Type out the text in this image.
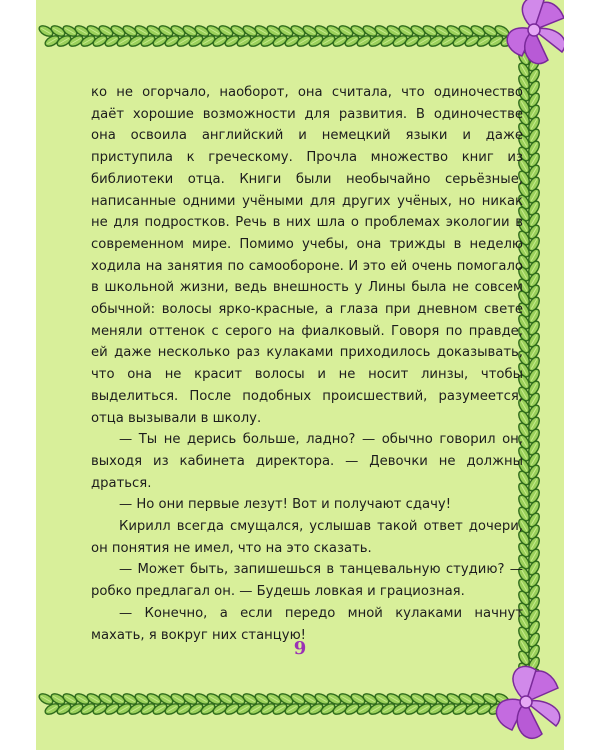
ко не огорчало, наоборот, она считала, что одиночество даёт хорошие возможности для развития. В одиночестве она освоила английский и немецкий языки и даже приступила к греческому. Прочла множество книг из библиотеки отца. Книги были необычайно серьёзные, написанные одними учёными для других учёных, но никак не для подростков. Речь в них шла о проблемах экологии в современном мире. Помимо учебы, она трижды в неделю ходила на занятия по самообороне. И это ей очень помогало в школьной жизни, ведь внешность у Лины была не совсем обычной: волосы ярко-красные, а глаза при дневном свете меняли оттенок с серого на фиалковый. Говоря по правде, ей даже несколько раз кулаками приходилось доказывать, что она не красит волосы и не носит линзы, чтобы выделиться. После подобных происшествий, разумеется, отца вызывали в школу.

— Ты не дерись больше, ладно? — обычно говорил он, выходя из кабинета директора. — Девочки не должны драться.

— Но они первые лезут! Вот и получают сдачу!

Кирилл всегда смущался, услышав такой ответ дочери, он понятия не имел, что на это сказать.

— Может быть, запишешься в танцевальную студию? — робко предлагал он. — Будешь ловкая и грациозная.

— Конечно, а если передо мной кулаками начнут махать, я вокруг них станцую!

9
